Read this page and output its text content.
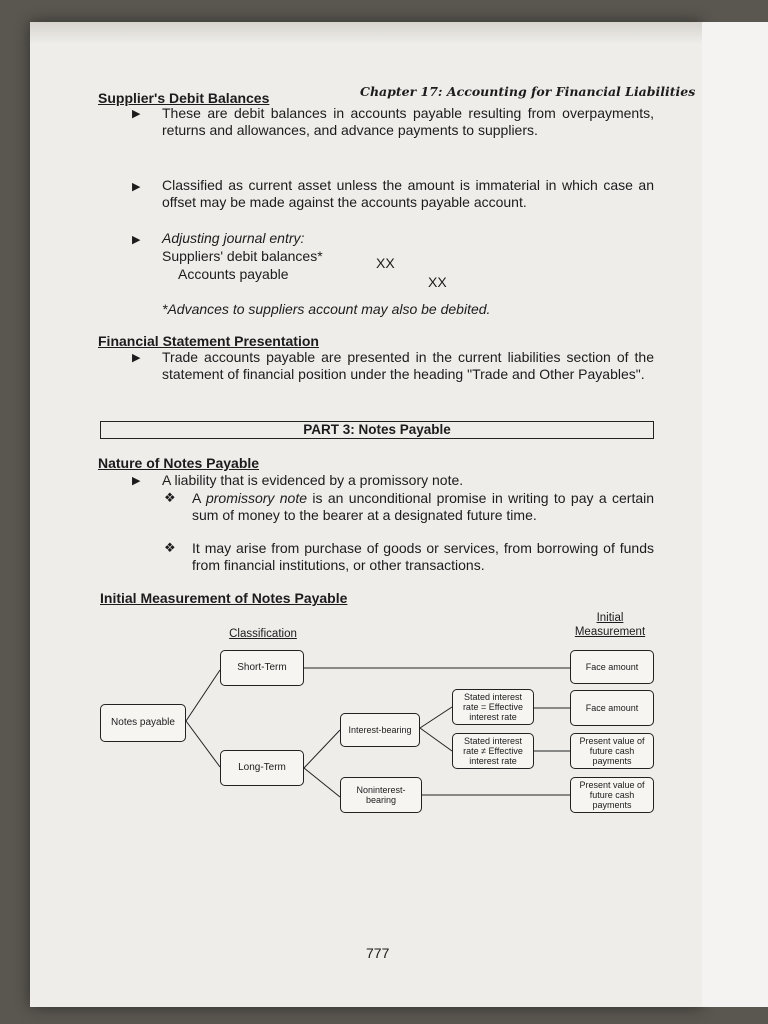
Chapter 17: Accounting for Financial Liabilities
Supplier's Debit Balances
▶ These are debit balances in accounts payable resulting from overpayments, returns and allowances, and advance payments to suppliers.
▶ Classified as current asset unless the amount is immaterial in which case an offset may be made against the accounts payable account.
▶ Adjusting journal entry:
Suppliers' debit balances*	XX
Accounts payable	XX
*Advances to suppliers account may also be debited.
Financial Statement Presentation
▶ Trade accounts payable are presented in the current liabilities section of the statement of financial position under the heading "Trade and Other Payables".
PART 3: Notes Payable
Nature of Notes Payable
▶ A liability that is evidenced by a promissory note.
❖ A promissory note is an unconditional promise in writing to pay a certain sum of money to the bearer at a designated future time.
❖ It may arise from purchase of goods or services, from borrowing of funds from financial institutions, or other transactions.
Initial Measurement of Notes Payable
Classification
Initial
Measurement
Notes payable
Short-Term
Long-Term
Interest-bearing
Noninterest-
bearing
Stated interest
rate = Effective
interest rate
Stated interest
rate ≠ Effective
interest rate
Face amount
Face amount
Present value of
future cash
payments
Present value of
future cash
payments
777
